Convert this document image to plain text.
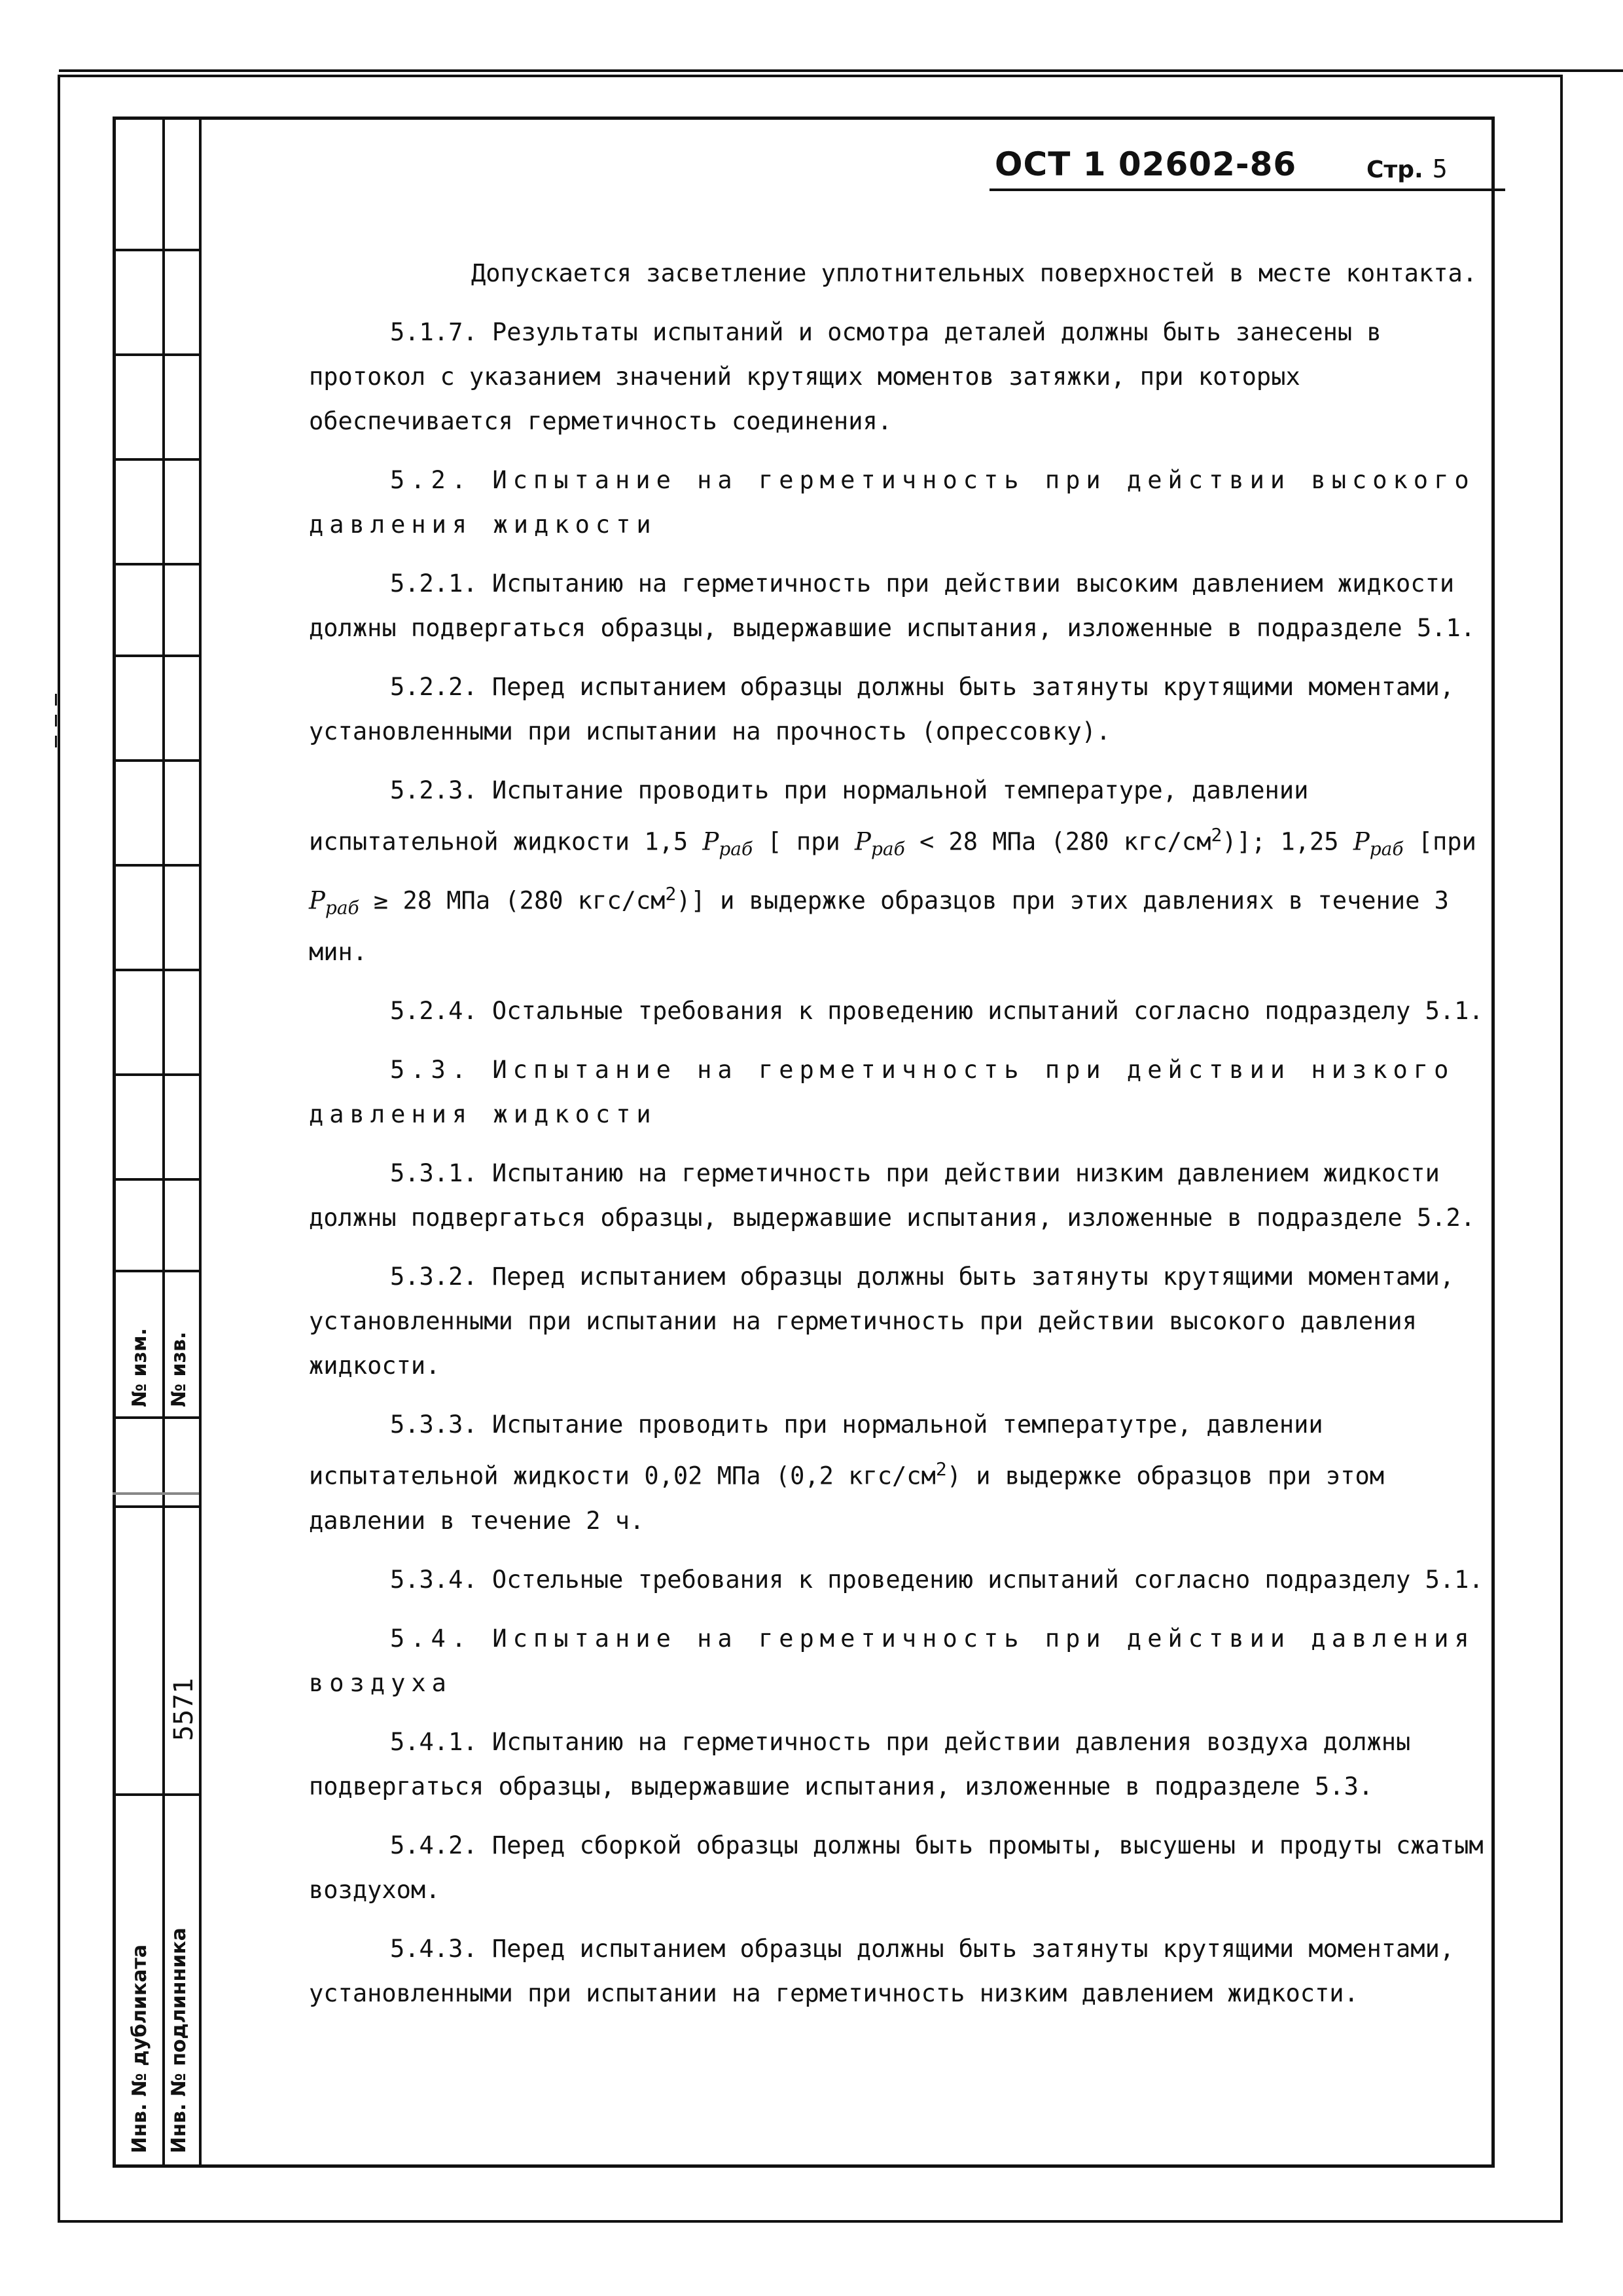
№ изм. № изв.
5571
Инв. № дубликата Инв. № подлинника
ОСТ 1 02602-86	Стр. 5

Допускается засветление уплотнительных поверхностей в месте контакта.

5.1.7. Результаты испытаний и осмотра деталей должны быть занесены в протокол с указанием значений крутящих моментов затяжки, при которых обеспечивается герметичность соединения.

5.2. Испытание на герметичность при действии высокого давления жидкости

5.2.1. Испытанию на герметичность при действии высоким давлением жидкости должны подвергаться образцы, выдержавшие испытания, изложенные в подразделе 5.1.

5.2.2. Перед испытанием образцы должны быть затянуты крутящими моментами, установленными при испытании на прочность (опрессовку).

5.2.3. Испытание проводить при нормальной температуре, давлении испытательной жидкости 1,5 $P_{раб}$ [ при $P_{раб} < 28$ МПа (280 кгс/$см^2$)]; 1,25 $P_{раб}$ [при $P_{раб} \ge 28$ МПа (280 кгс/$см^2$)] и выдержке образцов при этих давлениях в течение 3 мин.

5.2.4. Остальные требования к проведению испытаний согласно подразделу 5.1.

5.3. Испытание на герметичность при действии низкого давления жидкости

5.3.1. Испытанию на герметичность при действии низким давлением жидкости должны подвергаться образцы, выдержавшие испытания, изложенные в подразделе 5.2.

5.3.2. Перед испытанием образцы должны быть затянуты крутящими моментами, установленными при испытании на герметичность при действии высокого давления жидкости.

5.3.3. Испытание проводить при нормальной температутре, давлении испытательной жидкости 0,02 МПа (0,2 кгс/$см^2$) и выдержке образцов при этом давлении в течение 2 ч.

5.3.4. Остельные требования к проведению испытаний согласно подразделу 5.1.

5.4. Испытание на герметичность при действии давления воздуха

5.4.1. Испытанию на герметичность при действии давления воздуха должны подвергаться образцы, выдержавшие испытания, изложенные в подразделе 5.3.

5.4.2. Перед сборкой образцы должны быть промыты, высушены и продуты сжатым воздухом.

5.4.3. Перед испытанием образцы должны быть затянуты крутящими моментами, установленными при испытании на герметичность низким давлением жидкости.
